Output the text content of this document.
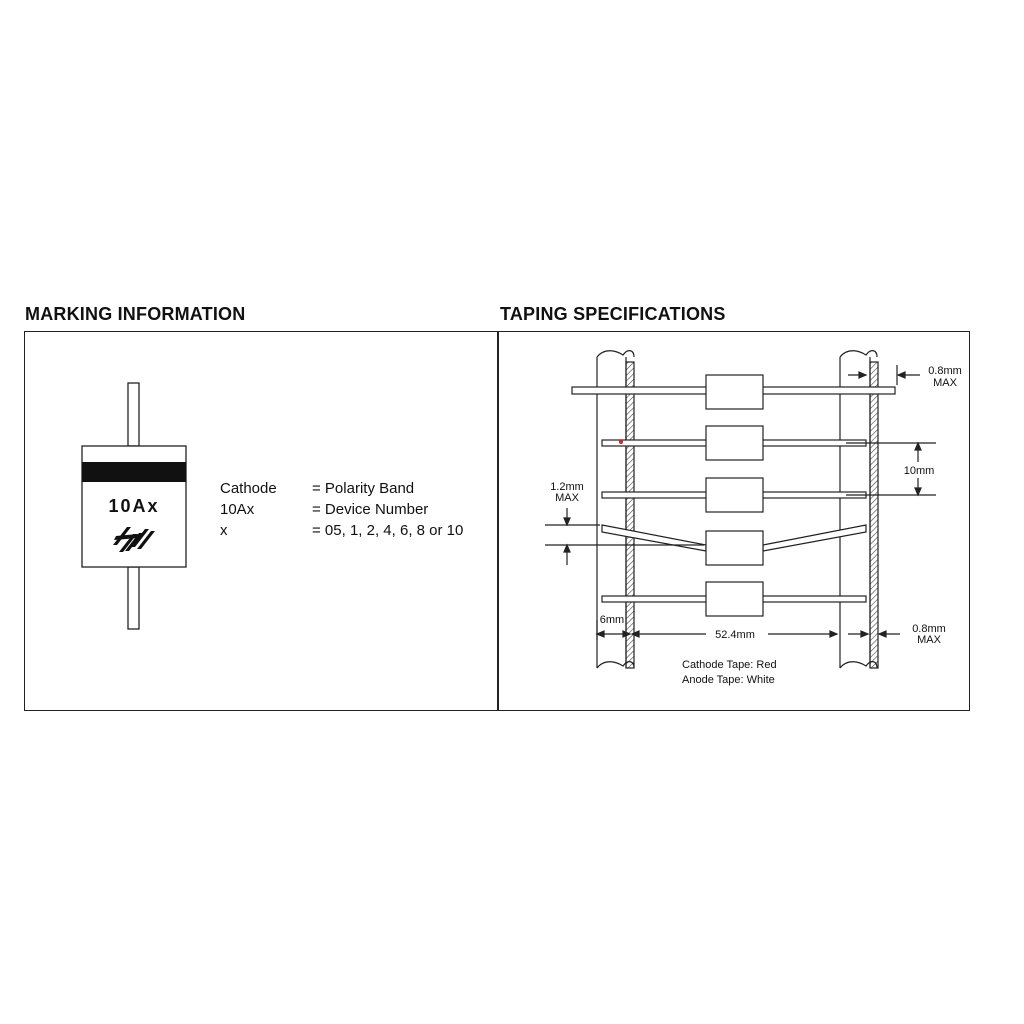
MARKING INFORMATION	TAPING SPECIFICATIONS
10Ax
0.8mm
MAX
10mm
1.2mm
MAX
6mm
52.4mm	0.8mm
MAX
Cathode Tape: Red
Anode Tape: White
Cathode	= Polarity Band
10Ax	= Device Number
x	= 05, 1, 2, 4, 6, 8 or 10
